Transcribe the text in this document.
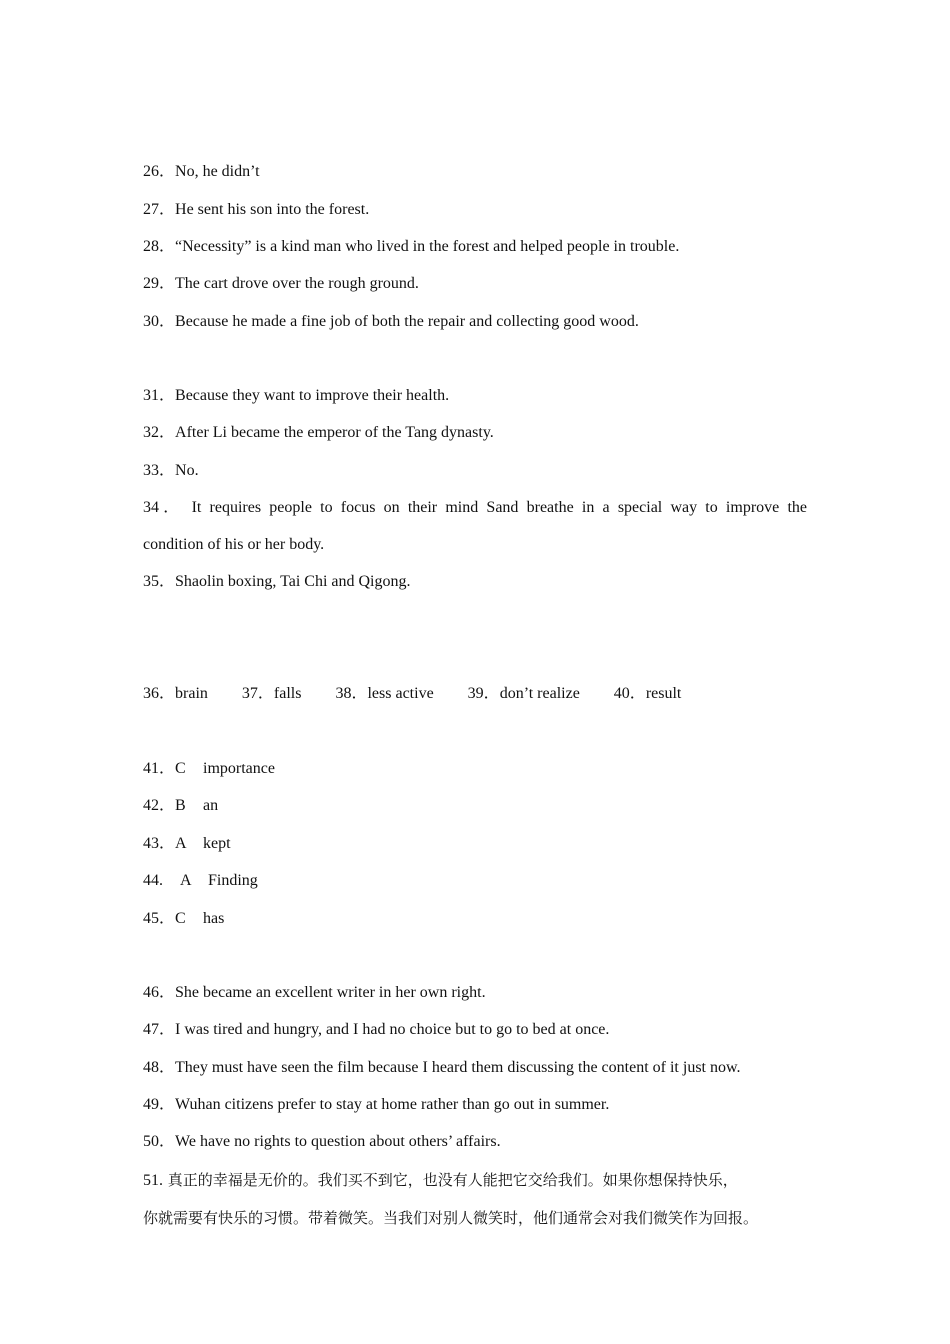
26．No, he didn’t
27．He sent his son into the forest.
28．“Necessity” is a kind man who lived in the forest and helped people in trouble.
29．The cart drove over the rough ground.
30．Because he made a fine job of both the repair and collecting good wood.
31．Because they want to improve their health.
32．After Li became the emperor of the Tang dynasty.
33．No.
34． It requires people to focus on their mind Sand breathe in a special way to improve the
condition of his or her body.
35．Shaolin boxing, Tai Chi and Qigong.
36．brain 37．falls 38．less active 39．don’t realize 40．result
41．C importance
42．B an
43．A kept
44. A Finding
45．C has
46．She became an excellent writer in her own right.
47．I was tired and hungry, and I had no choice but to go to bed at once.
48．They must have seen the film because I heard them discussing the content of it just now.
49．Wuhan citizens prefer to stay at home rather than go out in summer.
50．We have no rights to question about others’ affairs.
51. 真正的幸福是无价的。我们买不到它，也没有人能把它交给我们。如果你想保持快乐，
你就需要有快乐的习惯。带着微笑。当我们对别人微笑时，他们通常会对我们微笑作为回报。
